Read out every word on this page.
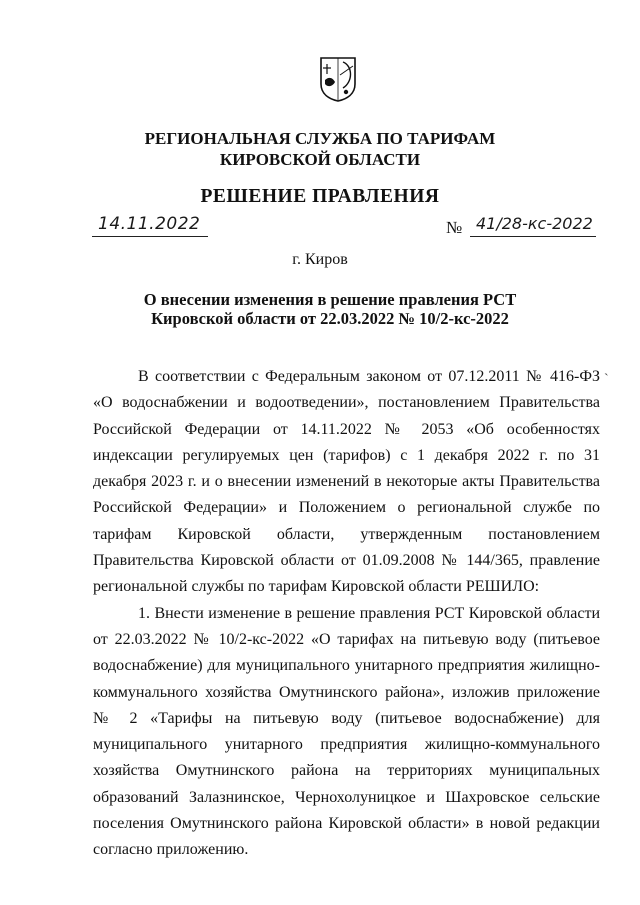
РЕГИОНАЛЬНАЯ СЛУЖБА ПО ТАРИФАМ
КИРОВСКОЙ ОБЛАСТИ
РЕШЕНИЕ ПРАВЛЕНИЯ
14.11.2022	№ 41/28-кс-2022
г. Киров
О внесении изменения в решение правления РСТ Кировской области от 22.03.2022 № 10/2-кс-2022
ˋ

В соответствии с Федеральным законом от 07.12.2011 № 416-ФЗ «О водоснабжении и водоотведении», постановлением Правительства Российской Федерации от 14.11.2022 № 2053 «Об особенностях индексации регулируемых цен (тарифов) с 1 декабря 2022 г. по 31 декабря 2023 г. и о внесении изменений в некоторые акты Правительства Российской Федерации» и Положением о региональной службе по тарифам Кировской области, утвержденным постановлением Правительства Кировской области от 01.09.2008 № 144/365, правление региональной службы по тарифам Кировской области РЕШИЛО:

1. Внести изменение в решение правления РСТ Кировской области от 22.03.2022 № 10/2-кс-2022 «О тарифах на питьевую воду (питьевое водоснабжение) для муниципального унитарного предприятия жилищно-коммунального хозяйства Омутнинского района», изложив приложение № 2 «Тарифы на питьевую воду (питьевое водоснабжение) для муниципального унитарного предприятия жилищно-коммунального хозяйства Омутнинского района на территориях муниципальных образований Залазнинское, Чернохолуницкое и Шахровское сельские поселения Омутнинского района Кировской области» в новой редакции согласно приложению.
